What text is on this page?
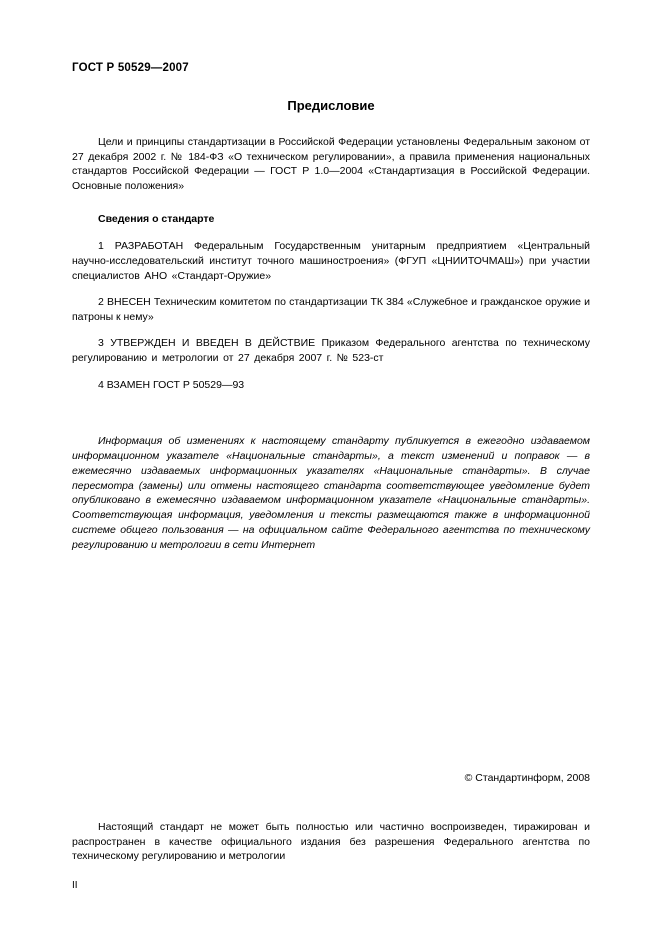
ГОСТ Р 50529—2007
Предисловие

Цели и принципы стандартизации в Российской Федерации установлены Федеральным законом от 27 декабря 2002 г. № 184-ФЗ «О техническом регулировании», а правила применения национальных стандартов Российской Федерации — ГОСТ Р 1.0—2004 «Стандартизация в Российской Федерации. Основные положения»

Сведения о стандарте

1 РАЗРАБОТАН Федеральным Государственным унитарным предприятием «Центральный научно-исследовательский институт точного машиностроения» (ФГУП «ЦНИИТОЧМАШ») при участии специалистов АНО «Стандарт-Оружие»

2 ВНЕСЕН Техническим комитетом по стандартизации ТК 384 «Служебное и гражданское оружие и патроны к нему»

3 УТВЕРЖДЕН И ВВЕДЕН В ДЕЙСТВИЕ Приказом Федерального агентства по техническому регулированию и метрологии от 27 декабря 2007 г. № 523-ст

4 ВЗАМЕН ГОСТ Р 50529—93

Информация об изменениях к настоящему стандарту публикуется в ежегодно издаваемом информационном указателе «Национальные стандарты», а текст изменений и поправок — в ежемесячно издаваемых информационных указателях «Национальные стандарты». В случае пересмотра (замены) или отмены настоящего стандарта соответствующее уведомление будет опубликовано в ежемесячно издаваемом информационном указателе «Национальные стандарты». Соответствующая информация, уведомления и тексты размещаются также в информационной системе общего пользования — на официальном сайте Федерального агентства по техническому регулированию и метрологии в сети Интернет

© Стандартинформ, 2008
Настоящий стандарт не может быть полностью или частично воспроизведен, тиражирован и распространен в качестве официального издания без разрешения Федерального агентства по техническому регулированию и метрологии
II
